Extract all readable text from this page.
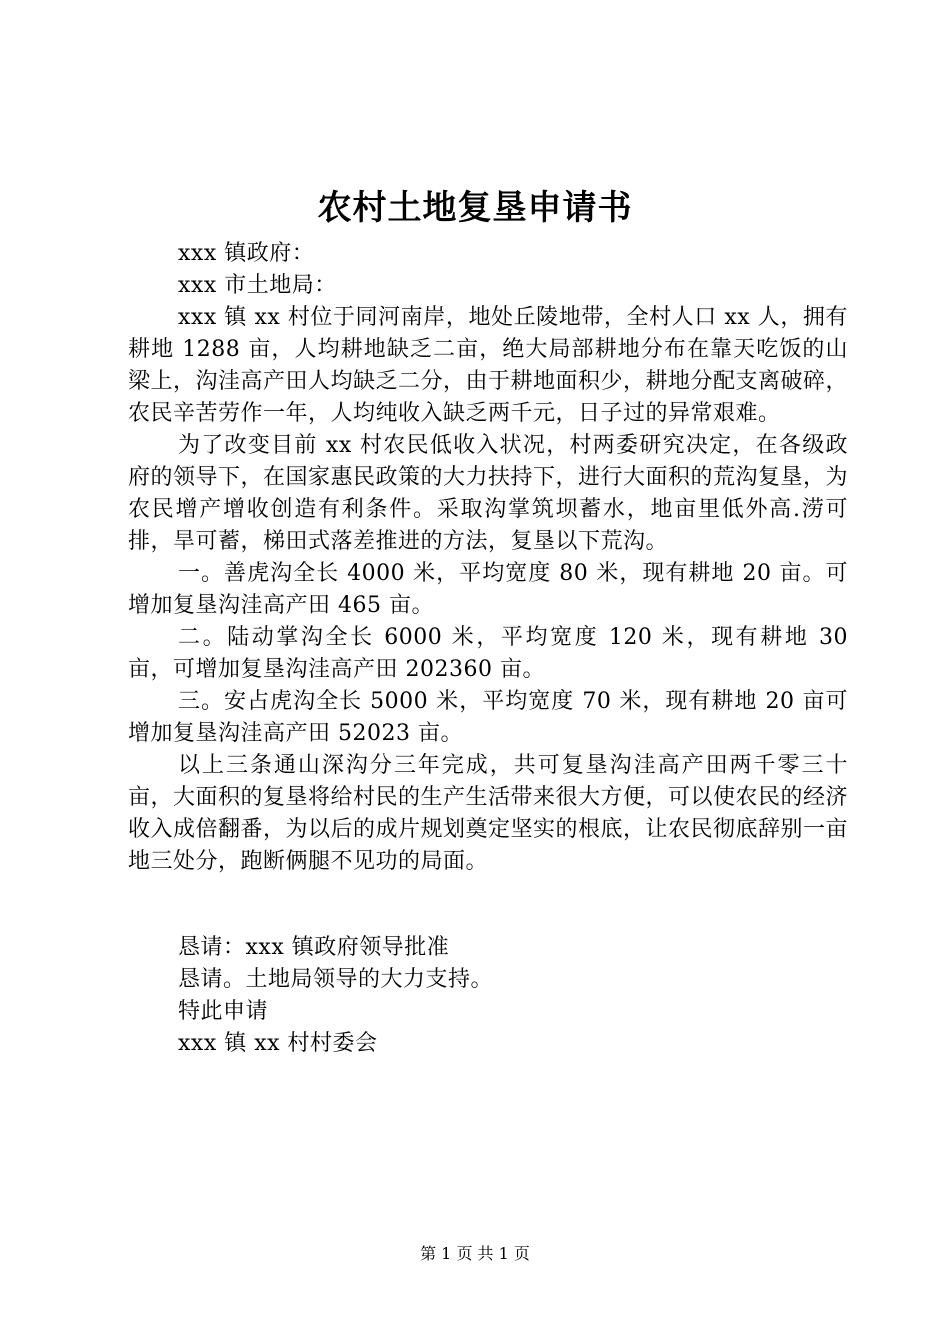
农村土地复垦申请书

xxx 镇政府：

xxx 市土地局：

xxx 镇 xx 村位于同河南岸，地处丘陵地带，全村人口 xx 人，拥有耕地 1288 亩，人均耕地缺乏二亩，绝大局部耕地分布在靠天吃饭的山梁上，沟洼高产田人均缺乏二分，由于耕地面积少，耕地分配支离破碎，农民辛苦劳作一年，人均纯收入缺乏两千元，日子过的异常艰难。

为了改变目前 xx 村农民低收入状况，村两委研究决定，在各级政府的领导下，在国家惠民政策的大力扶持下，进行大面积的荒沟复垦，为农民增产增收创造有利条件。采取沟掌筑坝蓄水，地亩里低外高.涝可排，旱可蓄，梯田式落差推进的方法，复垦以下荒沟。

一。善虎沟全长 4000 米，平均宽度 80 米，现有耕地 20 亩。可增加复垦沟洼高产田 465 亩。

二。陆动掌沟全长 6000 米，平均宽度 120 米，现有耕地 30 亩，可增加复垦沟洼高产田 202360 亩。

三。安占虎沟全长 5000 米，平均宽度 70 米，现有耕地 20 亩可增加复垦沟洼高产田 52023 亩。

以上三条通山深沟分三年完成，共可复垦沟洼高产田两千零三十亩，大面积的复垦将给村民的生产生活带来很大方便，可以使农民的经济收入成倍翻番，为以后的成片规划奠定坚实的根底，让农民彻底辞别一亩地三处分，跑断俩腿不见功的局面。

恳请：xxx 镇政府领导批准

恳请。土地局领导的大力支持。

特此申请

xxx 镇 xx 村村委会

第 1 页 共 1 页
